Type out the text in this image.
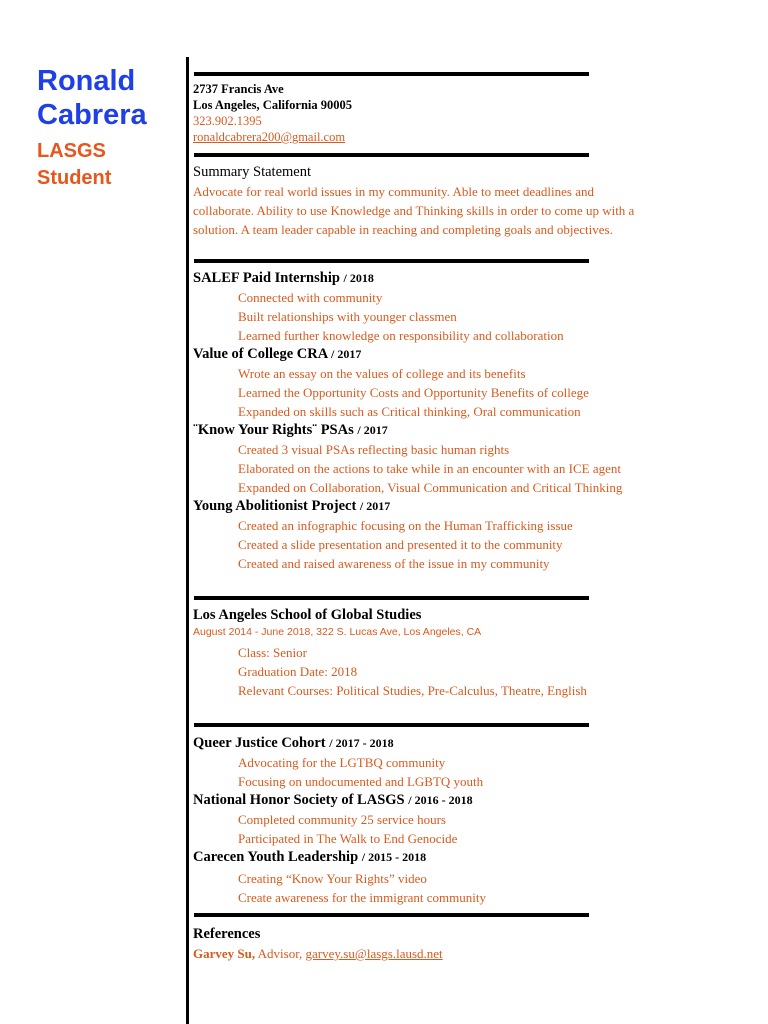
Ronald
Cabrera
LASGS
Student
2737 Francis Ave
Los Angeles, California 90005
323.902.1395
ronaldcabrera200@gmail.com
Summary Statement
Advocate for real world issues in my community. Able to meet deadlines and
collaborate. Ability to use Knowledge and Thinking skills in order to come up with a
solution. A team leader capable in reaching and completing goals and objectives.
SALEF Paid Internship / 2018
Connected with community
Built relationships with younger classmen
Learned further knowledge on responsibility and collaboration
Value of College CRA / 2017
Wrote an essay on the values of college and its benefits
Learned the Opportunity Costs and Opportunity Benefits of college
Expanded on skills such as Critical thinking, Oral communication
¨Know Your Rights¨ PSAs / 2017
Created 3 visual PSAs reflecting basic human rights
Elaborated on the actions to take while in an encounter with an ICE agent
Expanded on Collaboration, Visual Communication and Critical Thinking
Young Abolitionist Project / 2017
Created an infographic focusing on the Human Trafficking issue
Created a slide presentation and presented it to the community
Created and raised awareness of the issue in my community
Los Angeles School of Global Studies
August 2014 - June 2018, 322 S. Lucas Ave, Los Angeles, CA
Class: Senior
Graduation Date: 2018
Relevant Courses: Political Studies, Pre-Calculus, Theatre, English
Queer Justice Cohort / 2017 - 2018
Advocating for the LGTBQ community
Focusing on undocumented and LGBTQ youth
National Honor Society of LASGS / 2016 - 2018
Completed community 25 service hours
Participated in The Walk to End Genocide
Carecen Youth Leadership / 2015 - 2018
Creating “Know Your Rights” video
Create awareness for the immigrant community
References
Garvey Su, Advisor, garvey.su@lasgs.lausd.net
